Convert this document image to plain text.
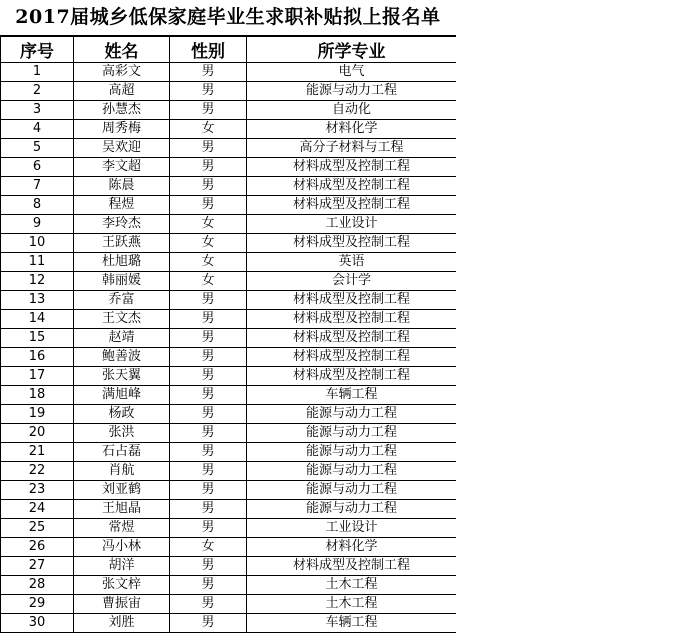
2017届城乡低保家庭毕业生求职补贴拟上报名单
序号	姓名	性别	所学专业
1	高彩文	男	电气
2	高超	男	能源与动力工程
3	孙慧杰	男	自动化
4	周秀梅	女	材料化学
5	吴欢迎	男	高分子材料与工程
6	李文超	男	材料成型及控制工程
7	陈晨	男	材料成型及控制工程
8	程煜	男	材料成型及控制工程
9	李玲杰	女	工业设计
10	王跃燕	女	材料成型及控制工程
11	杜旭璐	女	英语
12	韩丽媛	女	会计学
13	乔富	男	材料成型及控制工程
14	王文杰	男	材料成型及控制工程
15	赵靖	男	材料成型及控制工程
16	鲍善波	男	材料成型及控制工程
17	张天翼	男	材料成型及控制工程
18	满旭峰	男	车辆工程
19	杨政	男	能源与动力工程
20	张洪	男	能源与动力工程
21	石占磊	男	能源与动力工程
22	肖航	男	能源与动力工程
23	刘亚鹤	男	能源与动力工程
24	王旭晶	男	能源与动力工程
25	常煜	男	工业设计
26	冯小林	女	材料化学
27	胡洋	男	材料成型及控制工程
28	张文梓	男	土木工程
29	曹振宙	男	土木工程
30	刘胜	男	车辆工程
